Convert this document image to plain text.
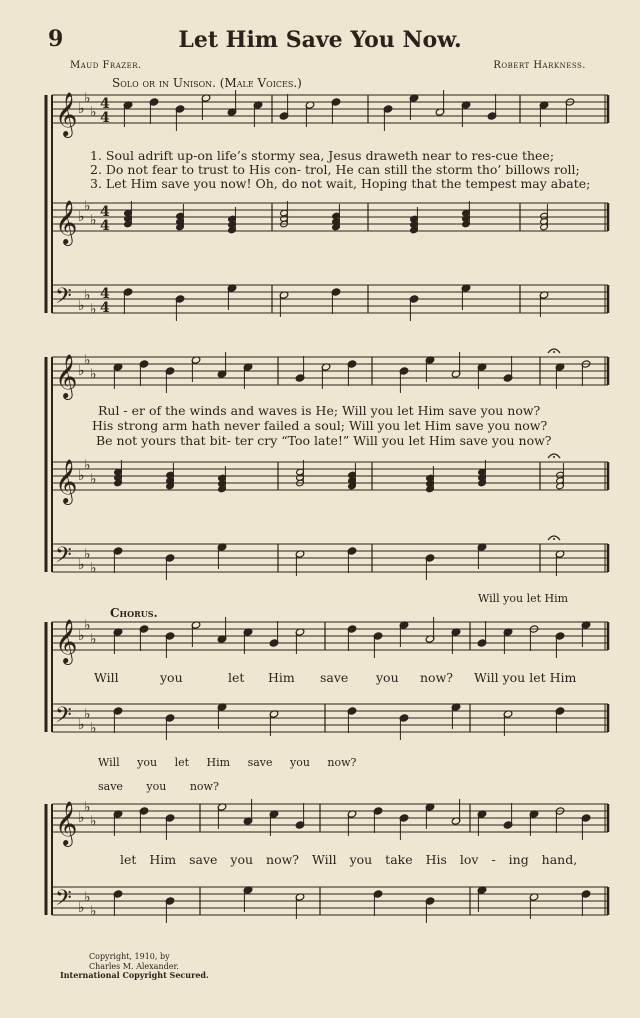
9	Let Him Save You Now.
Maud Frazer.	Robert Harkness.
Solo or in Unison. (Male Voices.)
𝄞 ♭
♭
♭
4
4
𝄞 ♭
♭
♭
4
4
𝄢 ♭
♭
♭
4
4
𝄞 ♭
♭
♭
𝄞 ♭
♭
♭
𝄢 ♭
♭
♭
𝄞 ♭
♭
♭
𝄢 ♭
♭
♭
𝄞 ♭
♭
♭
𝄢 ♭
♭
♭
1. Soul adrift up-on life’s stormy sea, Jesus draweth near to res-cue thee;
2. Do not fear to trust to His con- trol, He can still the storm tho’ billows roll;
3. Let Him save you now! Oh, do not wait, Hoping that the tempest may abate;
Rul - er of the winds and waves is He; Will you let Him save you now?
His strong arm hath never failed a soul; Will you let Him save you now?
Be not yours that bit- ter cry “Too late!” Will you let Him save you now?
Chorus.
Will you let Him
Will	you	let Him save you now? Will you let Him
Will you let Him save you now?
save you now?
let Him save you now? Will you take His lov - ing hand,
Copyright, 1910, by
Charles M. Alexander.
International Copyright Secured.
